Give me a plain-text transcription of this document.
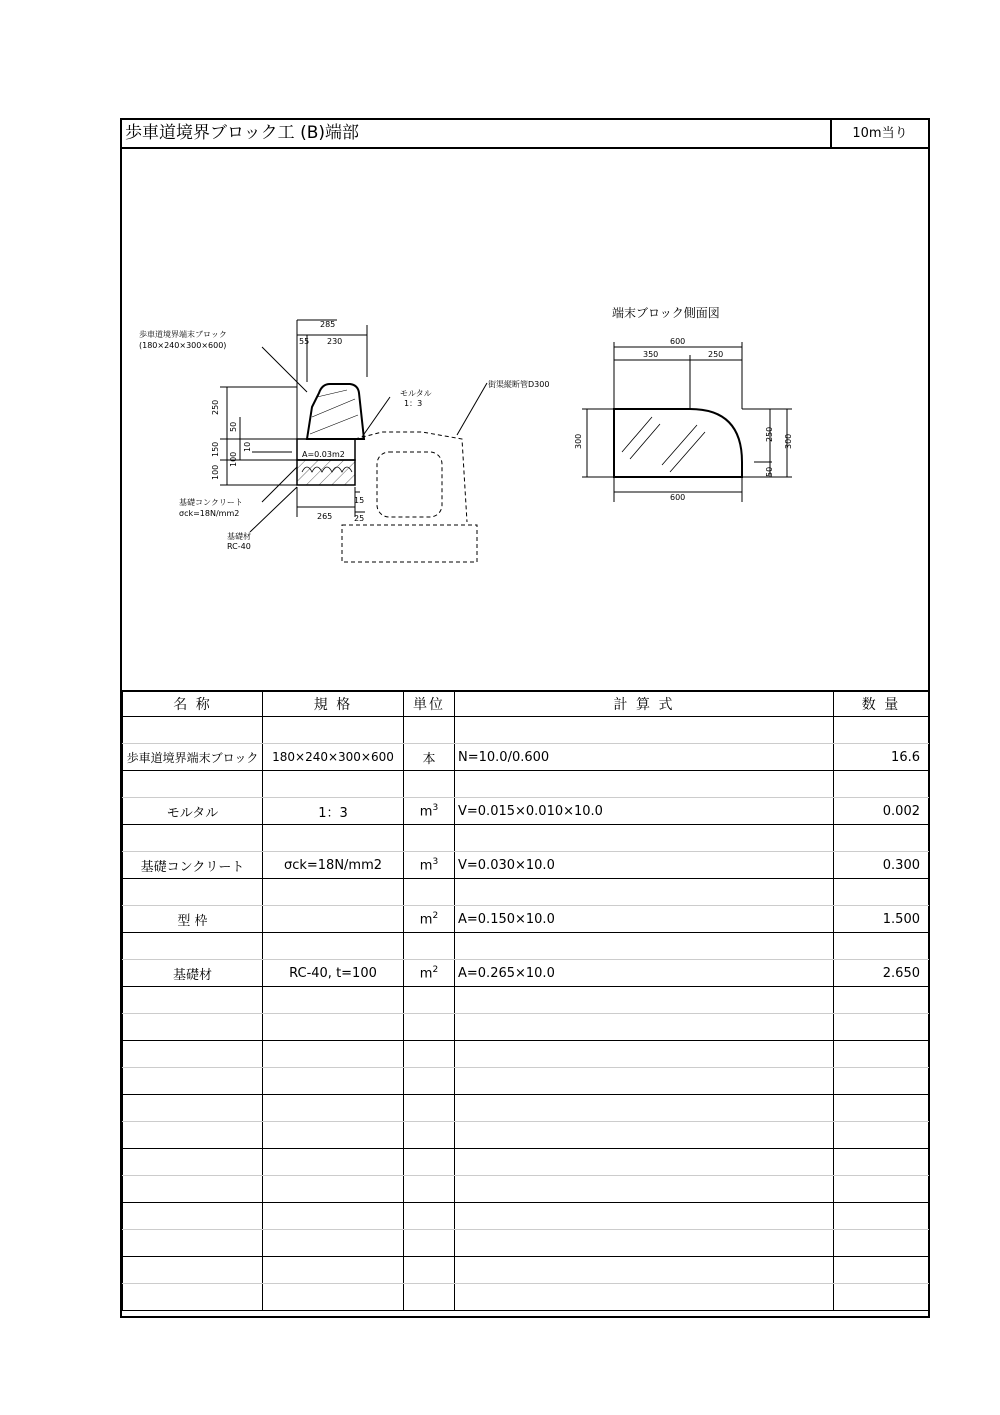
歩車道境界ブロック工 (B)端部	10m当り
歩車道境界端末ブロック
(180×240×300×600)
モルタル
1：3
街渠縦断管D300
A=0.03m2
基礎コンクリート
σck=18N/mm2
基礎材
RC-40
285
55 230
250
50
150
100
10
100
15
265	25
端末ブロック側面図
600
350	250
300	250
50
300
600
名 称	規 格	単位	計 算 式	数 量

歩車道境界端末ブロック	180×240×300×600	本	N=10.0/0.600	16.6

モルタル	1：3	$m^3$	V=0.015×0.010×10.0	0.002

基礎コンクリート	σck=18N/mm2	$m^3$	V=0.030×10.0	0.300

型 枠		$m^2$	A=0.150×10.0	1.500

基礎材	RC-40, t=100	$m^2$	A=0.265×10.0	2.650
